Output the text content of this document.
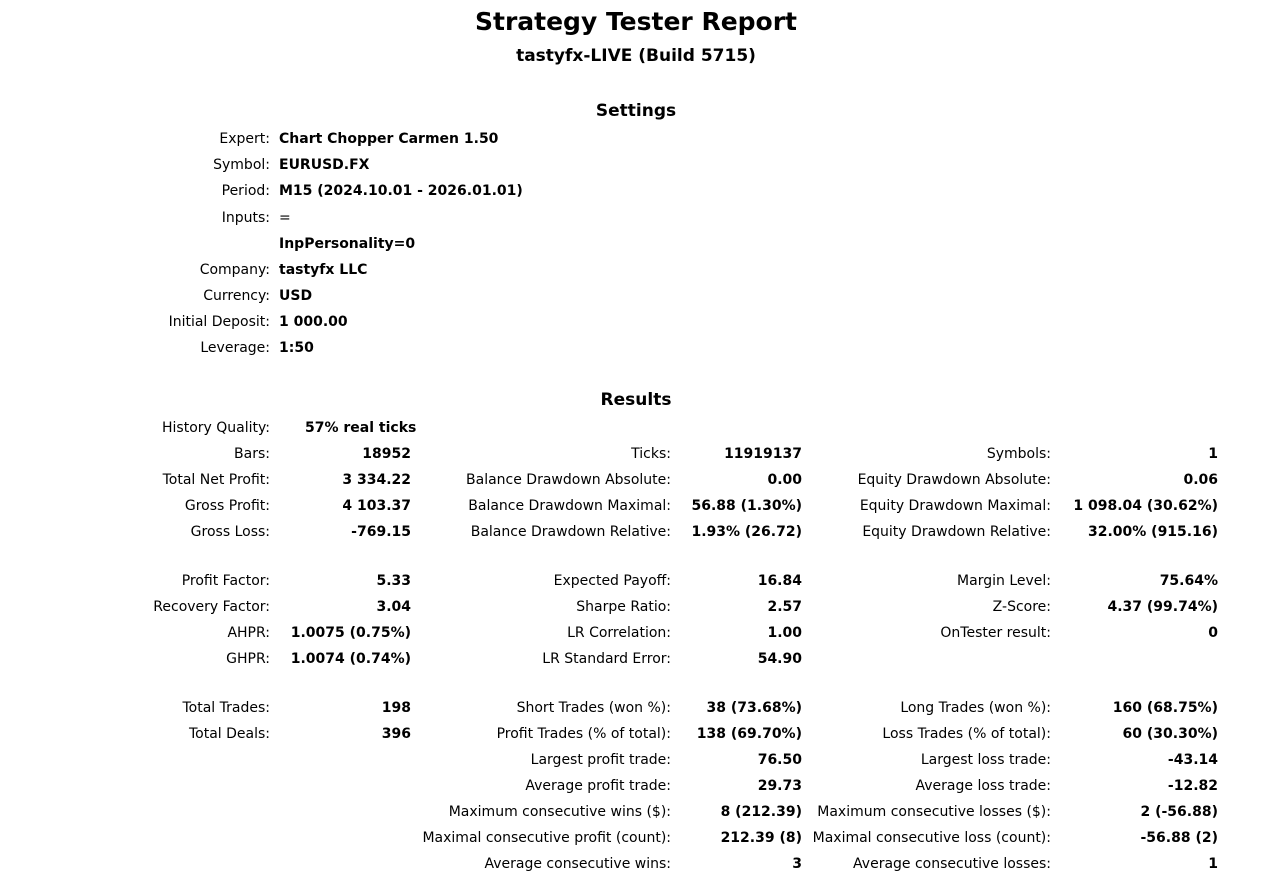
Strategy Tester Report
tastyfx-LIVE (Build 5715)
Settings
Expert: Chart Chopper Carmen 1.50
Symbol: EURUSD.FX
Period: M15 (2024.10.01 - 2026.01.01)
Inputs: =
InpPersonality=0
Company: tastyfx LLC
Currency: USD
Initial Deposit: 1 000.00
Leverage: 1:50
Results
History Quality:	57% real ticks
Bars:	18952	Ticks:	11919137	Symbols:	1
Total Net Profit:	3 334.22	Balance Drawdown Absolute:	0.00	Equity Drawdown Absolute:	0.06
Gross Profit:	4 103.37	Balance Drawdown Maximal:	56.88 (1.30%)	Equity Drawdown Maximal:	1 098.04 (30.62%)
Gross Loss:	-769.15	Balance Drawdown Relative:	1.93% (26.72)	Equity Drawdown Relative:	32.00% (915.16)
Profit Factor:	5.33	Expected Payoff:	16.84	Margin Level:	75.64%
Recovery Factor:	3.04	Sharpe Ratio:	2.57	Z-Score:	4.37 (99.74%)
AHPR:	1.0075 (0.75%)	LR Correlation:	1.00	OnTester result:	0
GHPR:	1.0074 (0.74%)	LR Standard Error:	54.90
Total Trades:	198	Short Trades (won %):	38 (73.68%)	Long Trades (won %):	160 (68.75%)
Total Deals:	396	Profit Trades (% of total):	138 (69.70%)	Loss Trades (% of total):	60 (30.30%)
Largest profit trade:	76.50	Largest loss trade:	-43.14
Average profit trade:	29.73	Average loss trade:	-12.82
Maximum consecutive wins ($):	8 (212.39)	Maximum consecutive losses ($):	2 (-56.88)
Maximal consecutive profit (count):	212.39 (8) Maximal consecutive loss (count):	-56.88 (2)
Average consecutive wins:	3	Average consecutive losses:	1
